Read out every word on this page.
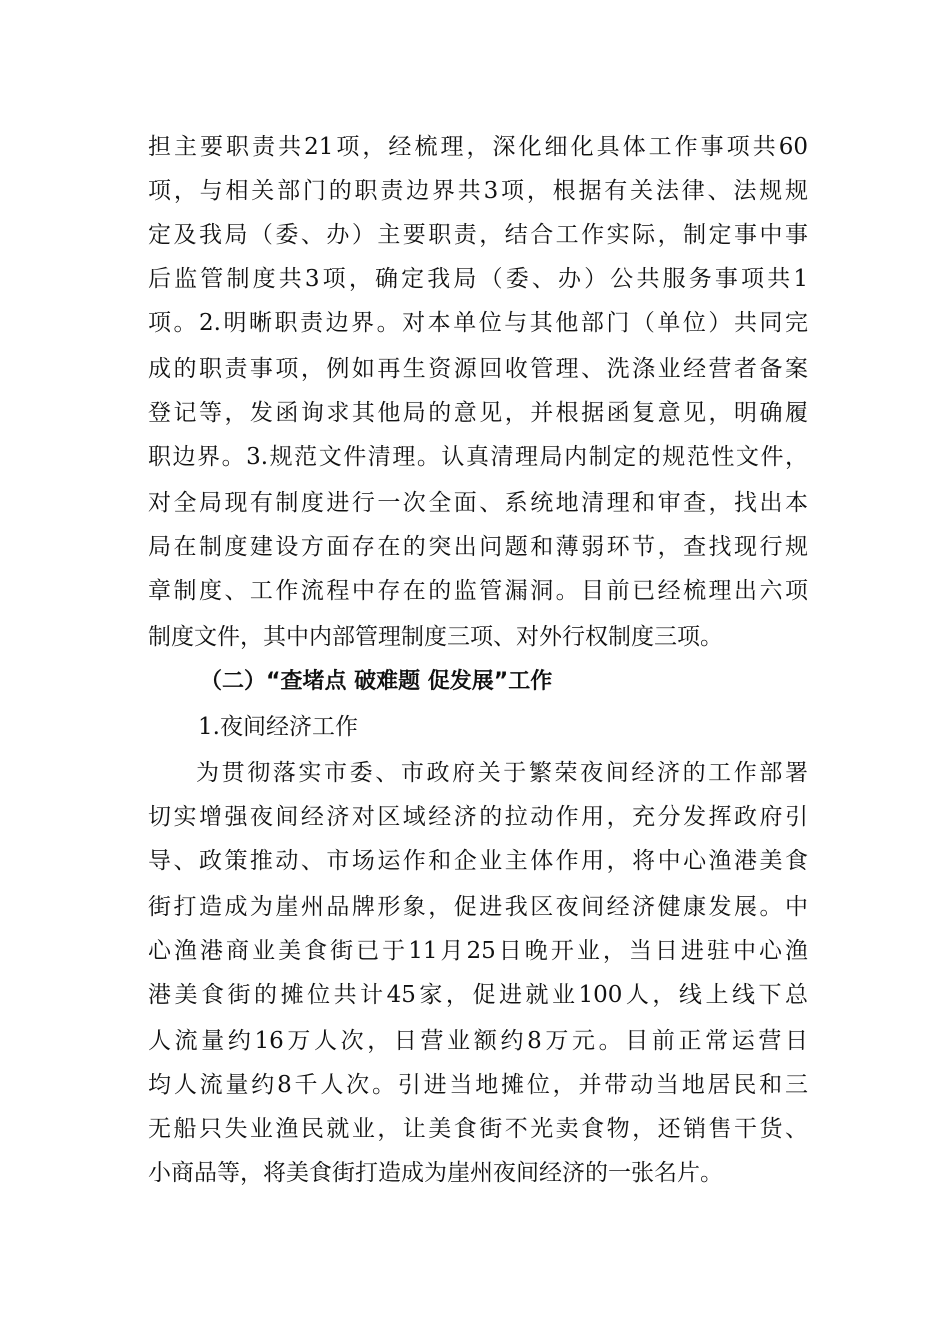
担主要职责共21项，经梳理，深化细化具体工作事项共60
项，与相关部门的职责边界共3项，根据有关法律、法规规
定及我局（委、办）主要职责，结合工作实际，制定事中事
后监管制度共3项，确定我局（委、办）公共服务事项共1
项。2.明晰职责边界。对本单位与其他部门（单位）共同完
成的职责事项，例如再生资源回收管理、洗涤业经营者备案
登记等，发函询求其他局的意见，并根据函复意见，明确履
职边界。3.规范文件清理。认真清理局内制定的规范性文件，
对全局现有制度进行一次全面、系统地清理和审查，找出本
局在制度建设方面存在的突出问题和薄弱环节，查找现行规
章制度、工作流程中存在的监管漏洞。目前已经梳理出六项
制度文件，其中内部管理制度三项、对外行权制度三项。
（二）“查堵点 破难题 促发展”工作
1.夜间经济工作
为贯彻落实市委、市政府关于繁荣夜间经济的工作部署
切实增强夜间经济对区域经济的拉动作用，充分发挥政府引
导、政策推动、市场运作和企业主体作用，将中心渔港美食
街打造成为崖州品牌形象，促进我区夜间经济健康发展。中
心渔港商业美食街已于11月25日晚开业，当日进驻中心渔
港美食街的摊位共计45家，促进就业100人，线上线下总
人流量约16万人次，日营业额约8万元。目前正常运营日
均人流量约8千人次。引进当地摊位，并带动当地居民和三
无船只失业渔民就业，让美食街不光卖食物，还销售干货、
小商品等，将美食街打造成为崖州夜间经济的一张名片。
